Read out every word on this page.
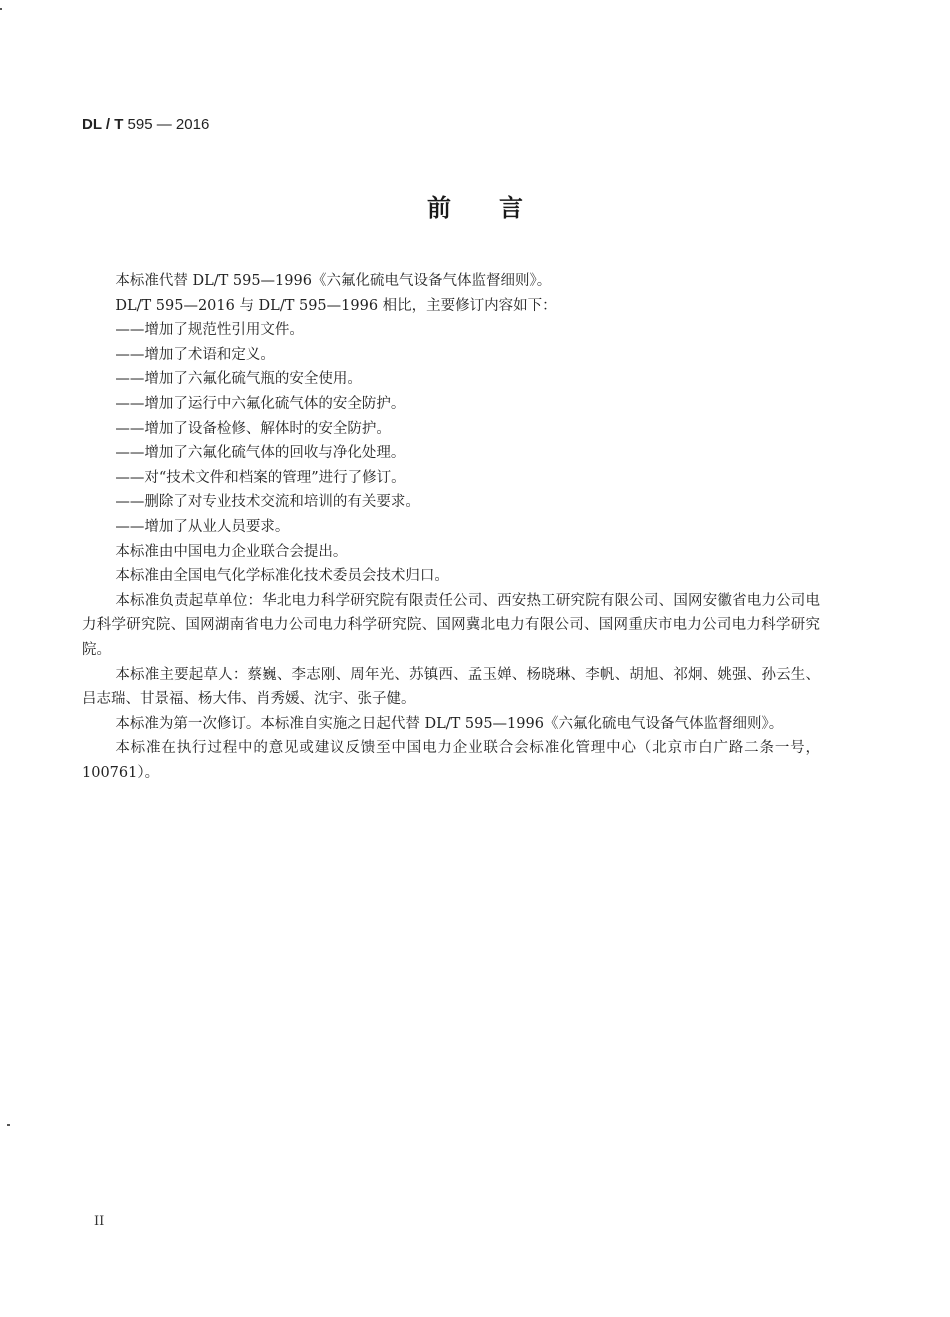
DL / T 595 — 2016
前言

本标准代替 DL/T 595—1996《六氟化硫电气设备气体监督细则》。

DL/T 595—2016 与 DL/T 595—1996 相比，主要修订内容如下：

——增加了规范性引用文件。

——增加了术语和定义。

——增加了六氟化硫气瓶的安全使用。

——增加了运行中六氟化硫气体的安全防护。

——增加了设备检修、解体时的安全防护。

——增加了六氟化硫气体的回收与净化处理。

——对“技术文件和档案的管理”进行了修订。

——删除了对专业技术交流和培训的有关要求。

——增加了从业人员要求。

本标准由中国电力企业联合会提出。

本标准由全国电气化学标准化技术委员会技术归口。

本标准负责起草单位：华北电力科学研究院有限责任公司、西安热工研究院有限公司、国网安徽省电力公司电力科学研究院、国网湖南省电力公司电力科学研究院、国网冀北电力有限公司、国网重庆市电力公司电力科学研究院。

本标准主要起草人：蔡巍、李志刚、周年光、苏镇西、孟玉婵、杨晓琳、李帆、胡旭、祁炯、姚强、孙云生、吕志瑞、甘景福、杨大伟、肖秀媛、沈宇、张子健。

本标准为第一次修订。本标准自实施之日起代替 DL/T 595—1996《六氟化硫电气设备气体监督细则》。

本标准在执行过程中的意见或建议反馈至中国电力企业联合会标准化管理中心（北京市白广路二条一号，100761）。

II
